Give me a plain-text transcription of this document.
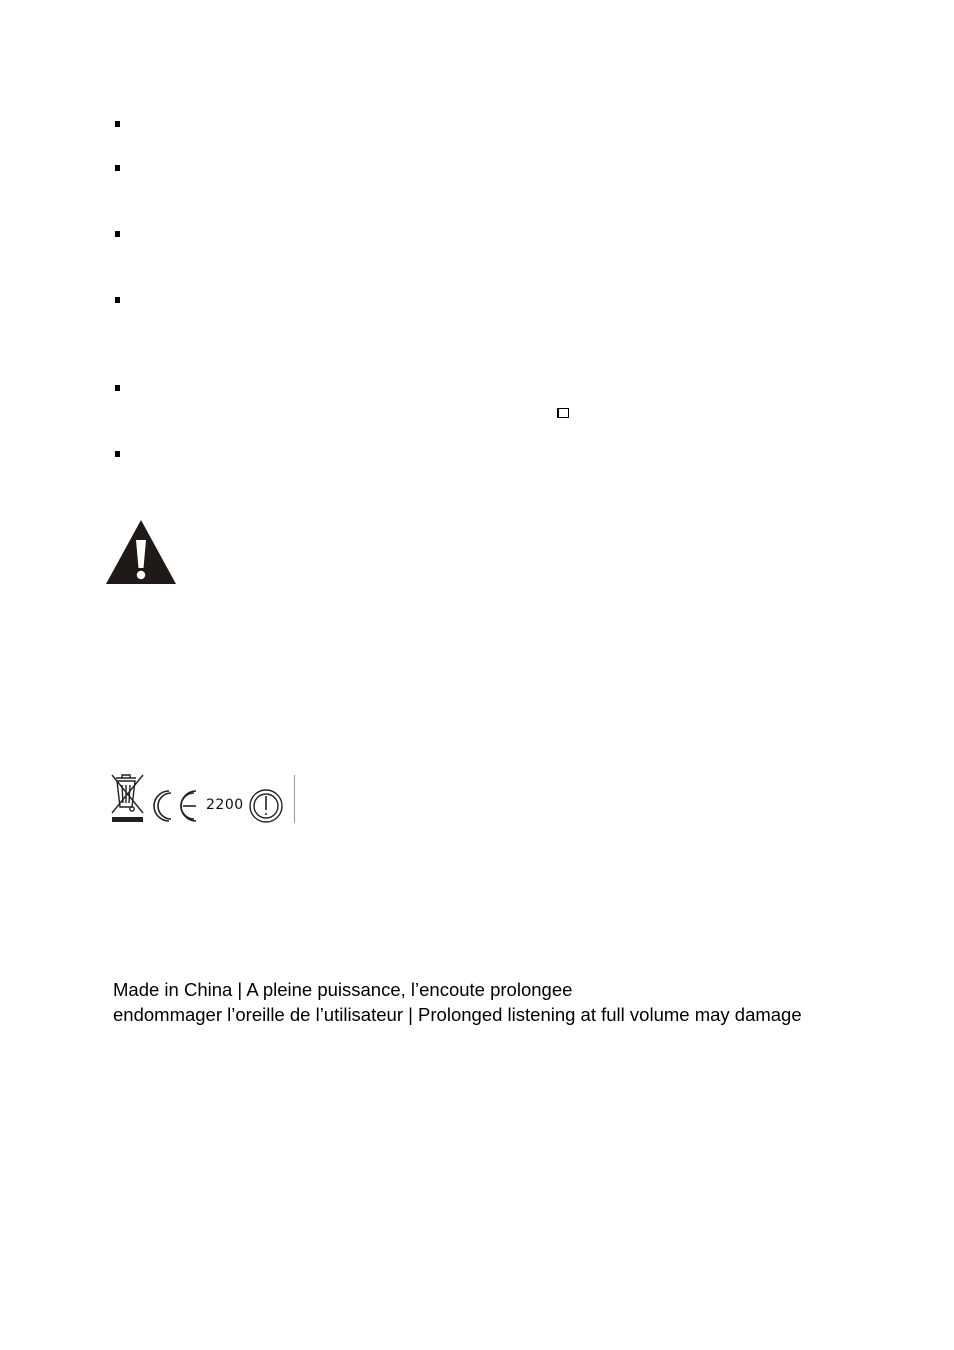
2200
Made in China | A pleine puissance, l’encoute prolongee
endommager l’oreille de l’utilisateur | Prolonged listening at full volume may damage
